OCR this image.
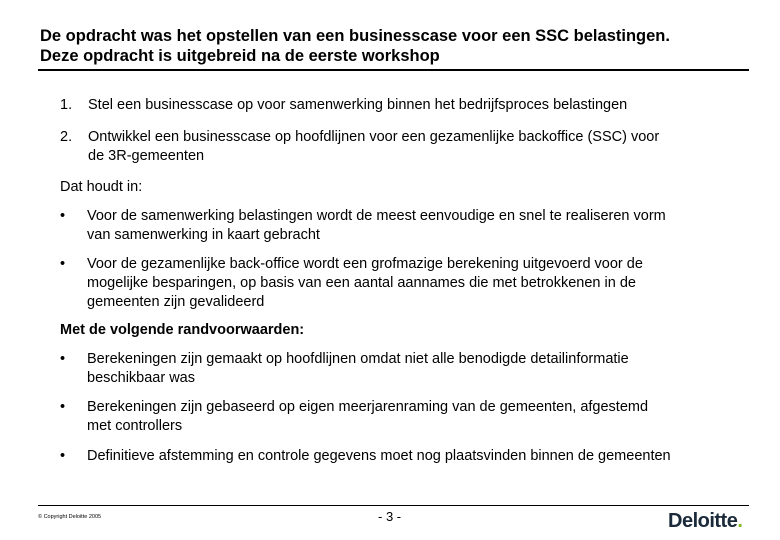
De opdracht was het opstellen van een businesscase voor een SSC belastingen.
Deze opdracht is uitgebreid na de eerste workshop
1. Stel een businesscase op voor samenwerking binnen het bedrijfsproces belastingen
2. Ontwikkel een businesscase op hoofdlijnen voor een gezamenlijke backoffice (SSC) voor
de 3R-gemeenten
Dat houdt in:
• Voor de samenwerking belastingen wordt de meest eenvoudige en snel te realiseren vorm
van samenwerking in kaart gebracht
• Voor de gezamenlijke back-office wordt een grofmazige berekening uitgevoerd voor de
mogelijke besparingen, op basis van een aantal aannames die met betrokkenen in de
gemeenten zijn gevalideerd
Met de volgende randvoorwaarden:
• Berekeningen zijn gemaakt op hoofdlijnen omdat niet alle benodigde detailinformatie
beschikbaar was
• Berekeningen zijn gebaseerd op eigen meerjarenraming van de gemeenten, afgestemd
met controllers
• Definitieve afstemming en controle gegevens moet nog plaatsvinden binnen de gemeenten
© Copyright Deloitte 2005	- 3 -	Deloitte.
